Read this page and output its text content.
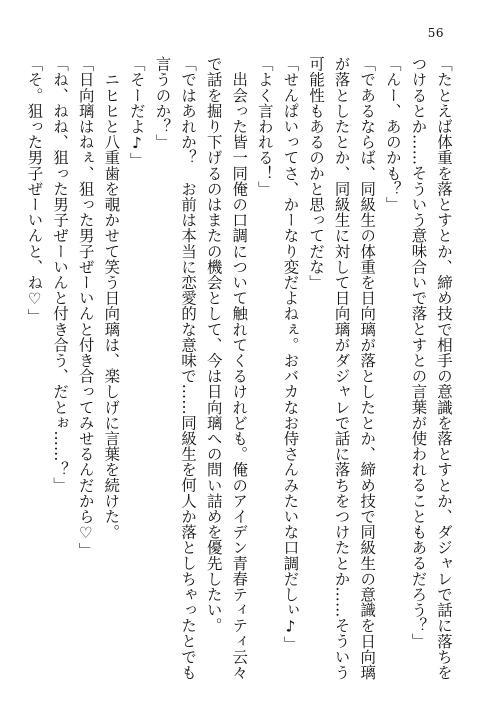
56
「たとえば体重を落とすとか、締め技で相手の意識を落とすとか、ダジャレで話に落ちを
つけるとか……そういう意味合いで落とすとの言葉が使われることもあるだろう？」
「んー、あのかも？」
「であるならば、同級生の体重を日向璃が落としたとか、締め技で同級生の意識を日向璃
が落としたとか、同級生に対して日向璃がダジャレで話に落ちをつけたとか……そういう
可能性もあるのかと思ってだな」
「せんぱいってさ、かーなり変だよねぇ。おバカなお侍さんみたいな口調だしぃ♪」
「よく言われる！」
　出会った皆一同俺の口調について触れてくるけれども。俺のアイデン青春ティティ云々
で話を掘り下げるのはまたの機会として、今は日向璃への問い詰めを優先したい。
「ではあれか？　お前は本当に恋愛的な意味で……同級生を何人か落としちゃったとでも
言うのか？」
「そーだよ♪」
　ニヒヒと八重歯を覗かせて笑う日向璃は、楽しげに言葉を続けた。
「日向璃はねぇ、狙った男子ぜーいんと付き合ってみせるんだから♡」
「ね、ねね、狙った男子ぜーいんと付き合う、だとぉ……？」
「そ。狙った男子ぜーいんと、ね♡」
